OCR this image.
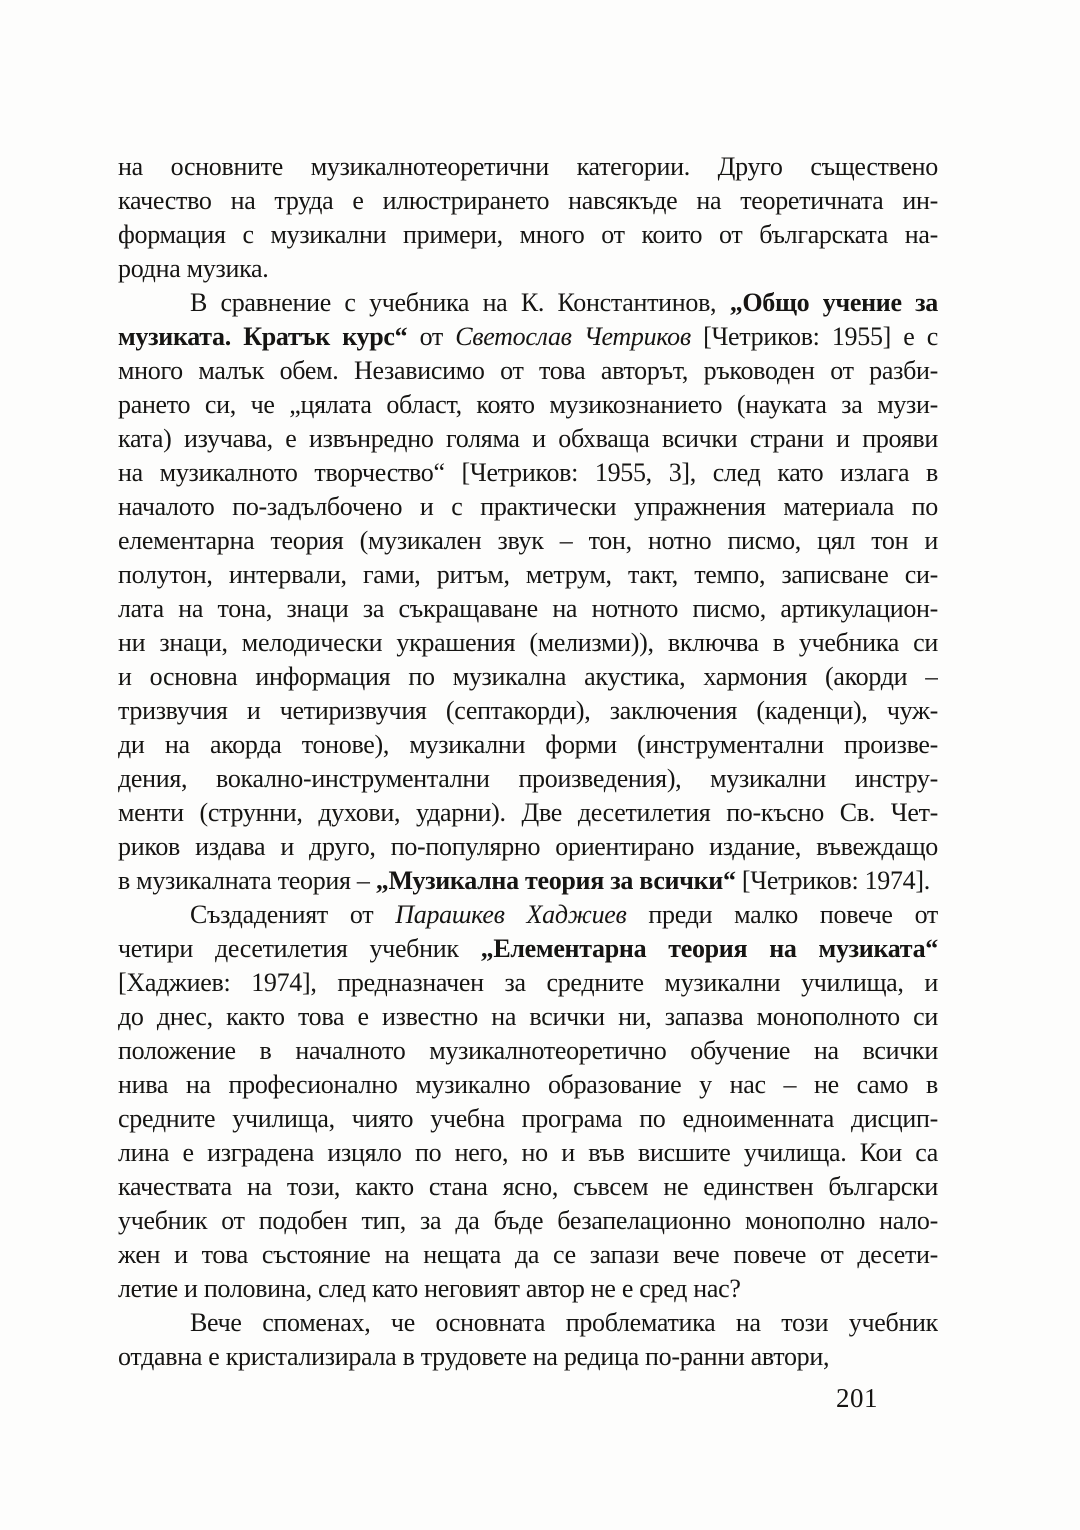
на основните музикалнотеоретични категории. Друго съществено
качество на труда е илюстрирането навсякъде на теоретичната ин-
формация с музикални примери, много от които от българската на-
родна музика.
В сравнение с учебника на К. Константинов, „Общо учение за
музиката. Кратък курс“ от Светослав Четриков [Четриков: 1955] е с
много малък обем. Независимо от това авторът, ръководен от разби-
рането си, че „цялата област, която музикознанието (науката за музи-
ката) изучава, е извънредно голяма и обхваща всички страни и прояви
на музикалното творчество“ [Четриков: 1955, 3], след като излага в
началото по-задълбочено и с практически упражнения материала по
елементарна теория (музикален звук – тон, нотно писмо, цял тон и
полутон, интервали, гами, ритъм, метрум, такт, темпо, записване си-
лата на тона, знаци за съкращаване на нотното писмо, артикулацион-
ни знаци, мелодически украшения (мелизми)), включва в учебника си
и основна информация по музикална акустика, хармония (акорди –
тризвучия и четиризвучия (септакорди), заключения (каденци), чуж-
ди на акорда тонове), музикални форми (инструментални произве-
дения, вокално-инструментални произведения), музикални инстру-
менти (струнни, духови, ударни). Две десетилетия по-късно Св. Чет-
риков издава и друго, по-популярно ориентирано издание, въвеждащо
в музикалната теория – „Музикална теория за всички“ [Четриков: 1974].
Създаденият от Парашкев Хаджиев преди малко повече от
четири десетилетия учебник „Елементарна теория на музиката“
[Хаджиев: 1974], предназначен за средните музикални училища, и
до днес, както това е известно на всички ни, запазва монополното си
положение в началното музикалнотеоретично обучение на всички
нива на професионално музикално образование у нас – не само в
средните училища, чиято учебна програма по едноименната дисцип-
лина е изградена изцяло по него, но и във висшите училища. Кои са
качествата на този, както стана ясно, съвсем не единствен български
учебник от подобен тип, за да бъде безапелационно монополно нало-
жен и това състояние на нещата да се запази вече повече от десети-
летие и половина, след като неговият автор не е сред нас?
Вече споменах, че основната проблематика на този учебник
отдавна е кристализирала в трудовете на редица по-ранни автори,
201
